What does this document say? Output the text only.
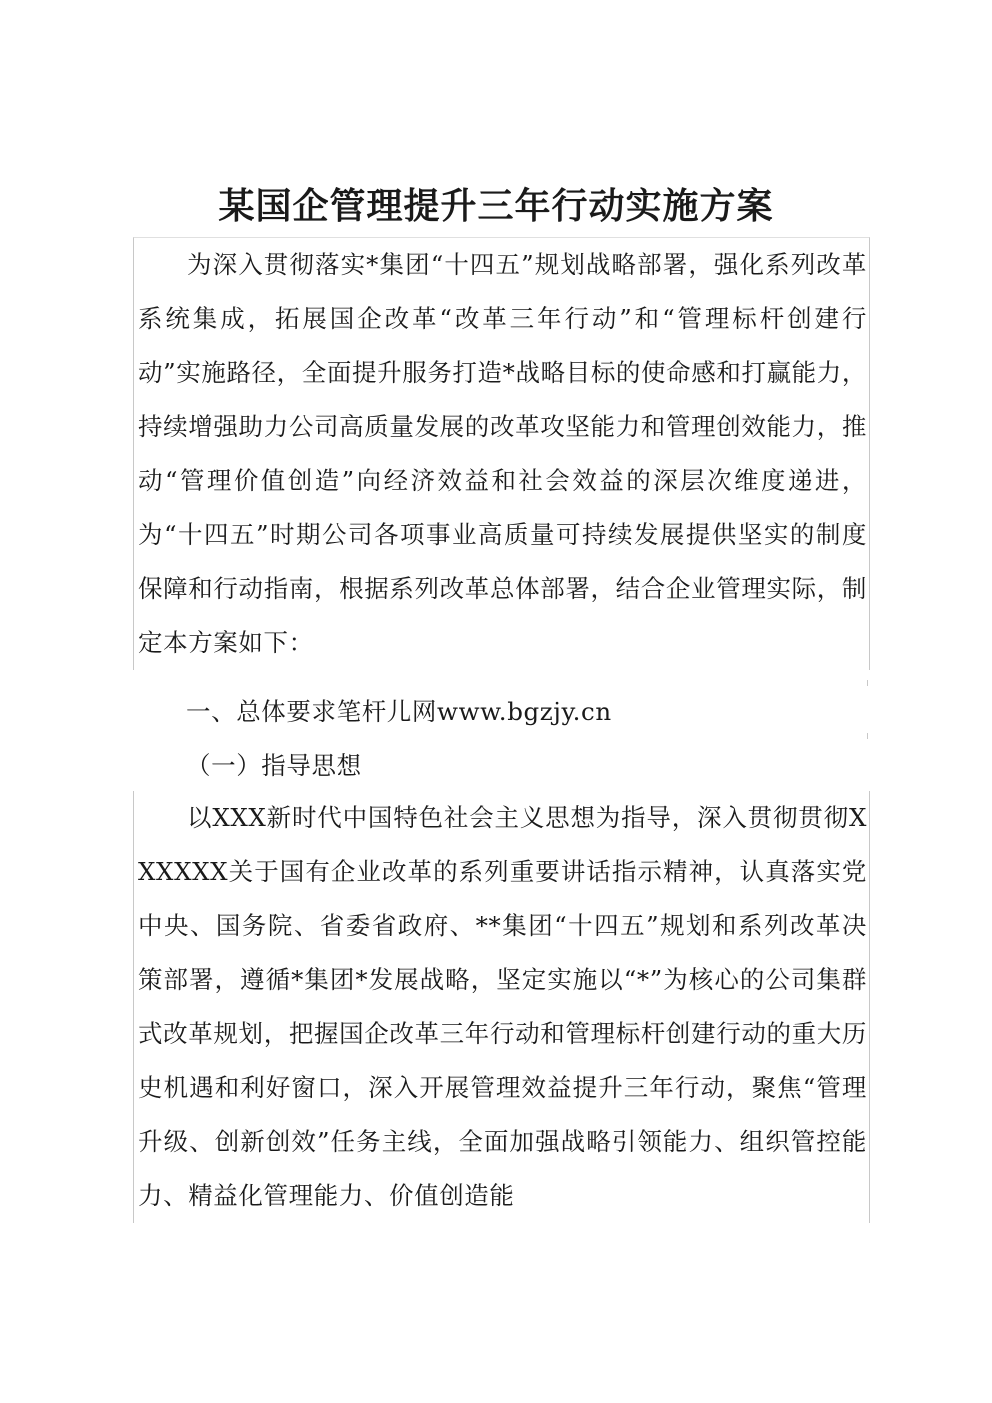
某国企管理提升三年行动实施方案

为深入贯彻落实*集团“十四五”规划战略部署，强化系列改革系统集成，拓展国企改革“改革三年行动”和“管理标杆创建行动”实施路径，全面提升服务打造*战略目标的使命感和打赢能力，持续增强助力公司高质量发展的改革攻坚能力和管理创效能力，推动“管理价值创造”向经济效益和社会效益的深层次维度递进，为“十四五”时期公司各项事业高质量可持续发展提供坚实的制度保障和行动指南，根据系列改革总体部署，结合企业管理实际，制定本方案如下：

一、总体要求笔杆儿网www.bgzjy.cn
（一）指导思想

以XXX新时代中国特色社会主义思想为指导，深入贯彻贯彻XXXXXX关于国有企业改革的系列重要讲话指示精神，认真落实党中央、国务院、省委省政府、**集团“十四五”规划和系列改革决策部署，遵循*集团*发展战略，坚定实施以“*”为核心的公司集群式改革规划，把握国企改革三年行动和管理标杆创建行动的重大历史机遇和利好窗口，深入开展管理效益提升三年行动，聚焦“管理升级、创新创效”任务主线，全面加强战略引领能力、组织管控能力、精益化管理能力、价值创造能
